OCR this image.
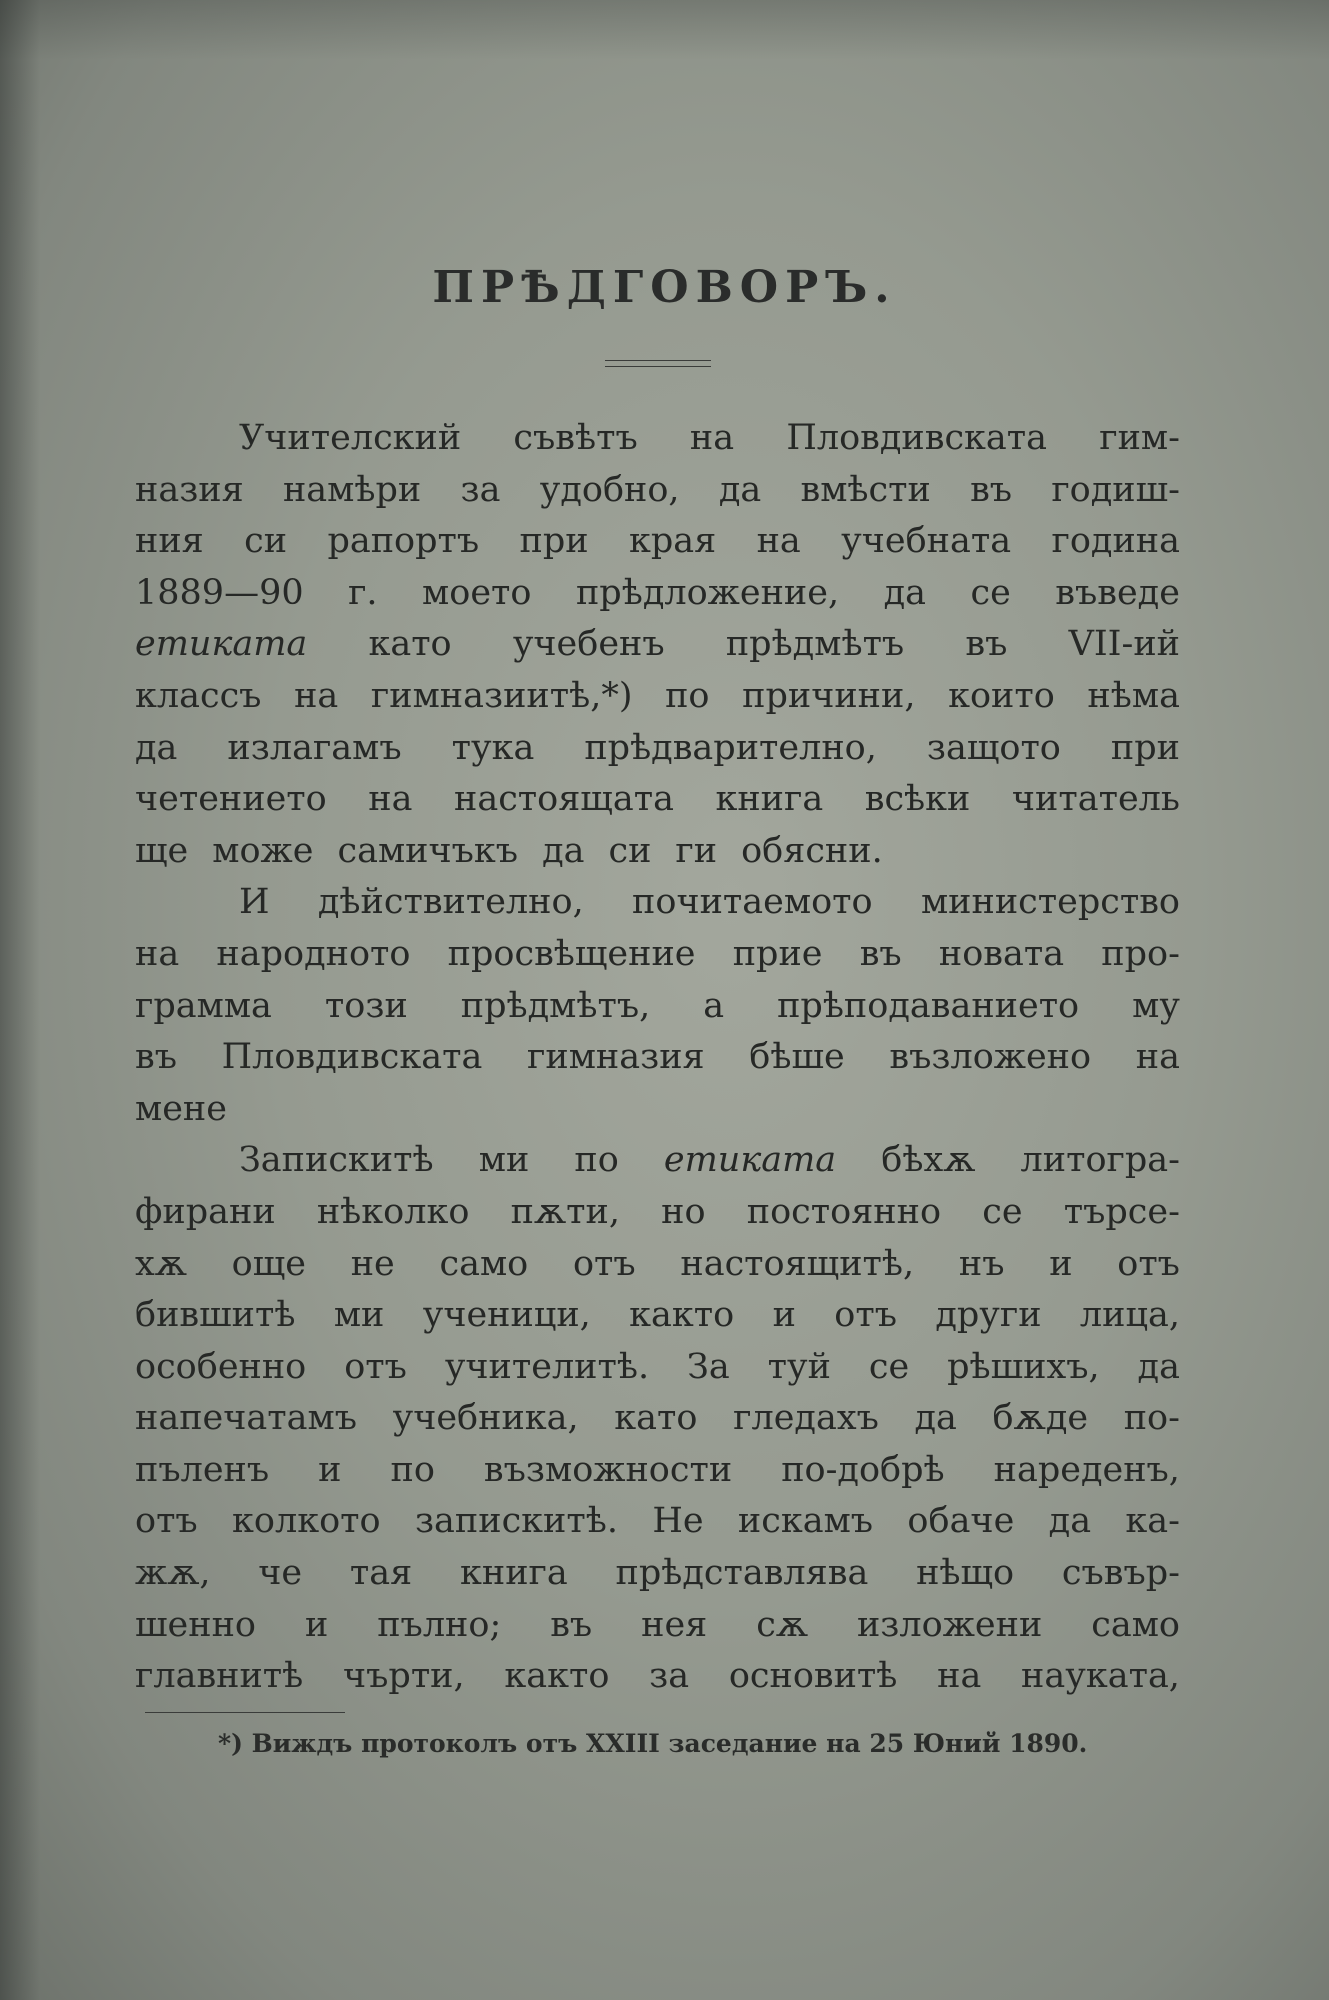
ПРѢДГОВОРЪ.
Учителский съвѣтъ на Пловдивската гим-
назия намѣри за удобно, да вмѣсти въ годиш-
ния си рапортъ при края на учебната година
1889—90 г. моето прѣдложение, да се въведе
етиката като учебенъ прѣдмѣтъ въ VII-ий
классъ на гимназиитѣ,*) по причини, които нѣма
да излагамъ тука прѣдварително, защото при
четението на настоящата книга всѣки читатель
ще може самичъкъ да си ги обясни.
И дѣйствително, почитаемото министерство
на народното просвѣщение прие въ новата про-
грамма този прѣдмѣтъ, а прѣподаванието му
въ Пловдивската гимназия бѣше възложено на
мене
Запискитѣ ми по етиката бѣхѫ литогра-
фирани нѣколко пѫти, но постоянно се търсе-
хѫ още не само отъ настоящитѣ, нъ и отъ
бившитѣ ми ученици, както и отъ други лица,
особенно отъ учителитѣ. За туй се рѣшихъ, да
напечатамъ учебника, като гледахъ да бѫде по-
пъленъ и по възможности по-добрѣ нареденъ,
отъ колкото запискитѣ. Не искамъ обаче да ка-
жѫ, че тая книга прѣдставлява нѣщо съвър-
шенно и пълно; въ нея сѫ изложени само
главнитѣ чърти, както за основитѣ на науката,
*) Виждъ протоколъ отъ XXIII заседание на 25 Юний 1890.
